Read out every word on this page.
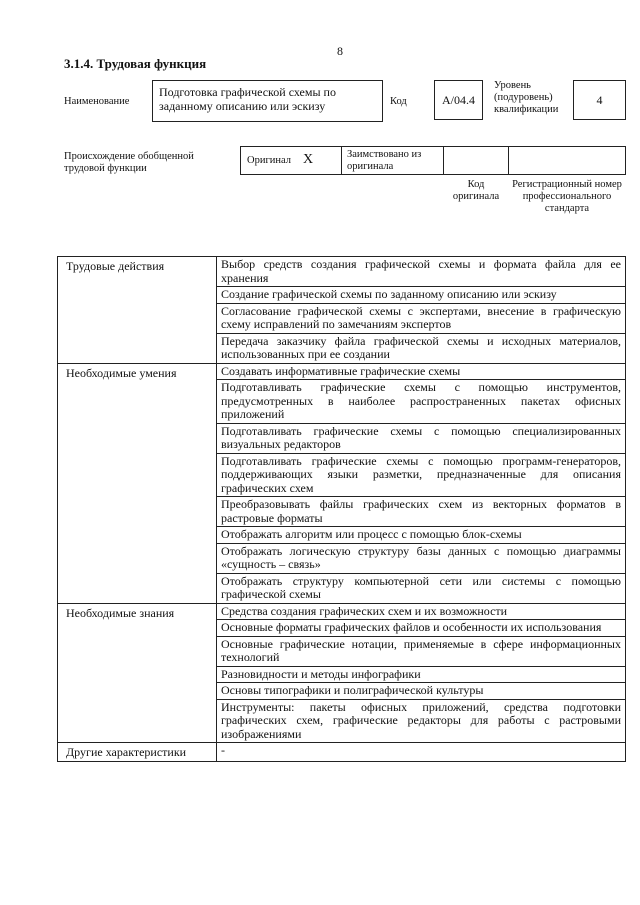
8
3.1.4. Трудовая функция
Наименование
Подготовка графической схемы по заданному описанию или эскизу	Код	А/04.4
Уровень (подуровень) квалификации
4
Происхождение обобщенной трудовой функции
Оригинал X	Заимствовано из оригинала
Код оригинала
Регистрационный номер профессионального стандарта
Трудовые действия	Выбор средств создания графической схемы и формата файла для ее хранения
	Создание графической схемы по заданному описанию или эскизу
	Согласование графической схемы с экспертами, внесение в графическую схему исправлений по замечаниям экспертов
	Передача заказчику файла графической схемы и исходных материалов, использованных при ее создании
Необходимые умения	Создавать информативные графические схемы
	Подготавливать графические схемы с помощью инструментов, предусмотренных в наиболее распространенных пакетах офисных приложений
	Подготавливать графические схемы с помощью специализированных визуальных редакторов
	Подготавливать графические схемы с помощью программ-генераторов, поддерживающих языки разметки, предназначенные для описания графических схем
	Преобразовывать файлы графических схем из векторных форматов в растровые форматы
	Отображать алгоритм или процесс с помощью блок-схемы
	Отображать логическую структуру базы данных с помощью диаграммы «сущность – связь»
	Отображать структуру компьютерной сети или системы с помощью графической схемы
Необходимые знания	Средства создания графических схем и их возможности
	Основные форматы графических файлов и особенности их использования
	Основные графические нотации, применяемые в сфере информационных технологий
	Разновидности и методы инфографики
	Основы типографики и полиграфической культуры
	Инструменты: пакеты офисных приложений, средства подготовки графических схем, графические редакторы для работы с растровыми изображениями
Другие характеристики	-
